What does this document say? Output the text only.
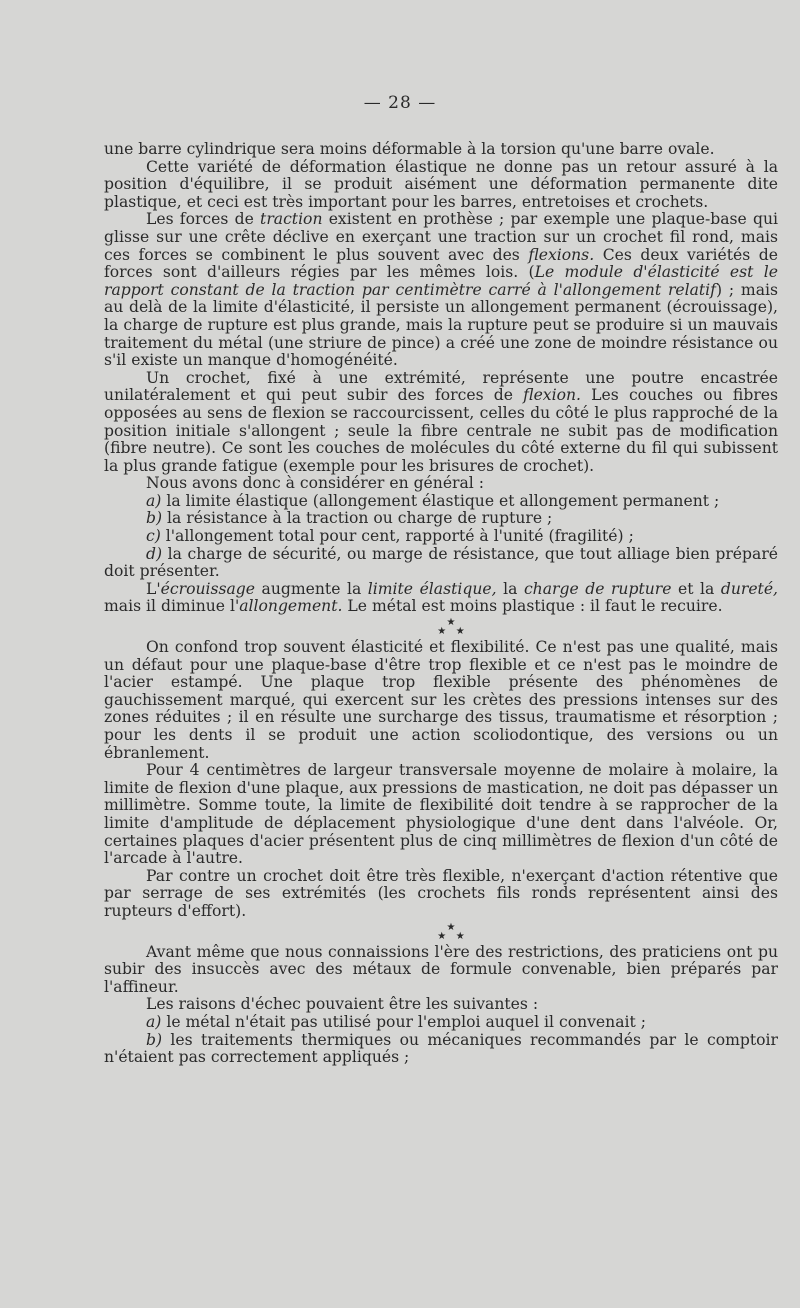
— 28 —

une barre cylindrique sera moins déformable à la torsion qu'une barre ovale.

Cette variété de déformation élastique ne donne pas un retour assuré à la position d'équilibre, il se produit aisément une déformation permanente dite plastique, et ceci est très important pour les barres, entretoises et crochets.

Les forces de traction existent en prothèse ; par exemple une plaque-base qui glisse sur une crête déclive en exerçant une traction sur un crochet fil rond, mais ces forces se combinent le plus souvent avec des flexions. Ces deux variétés de forces sont d'ailleurs régies par les mêmes lois. (Le module d'élasticité est le rapport constant de la traction par centimètre carré à l'allongement relatif) ; mais au delà de la limite d'élasticité, il persiste un allongement permanent (écrouissage), la charge de rupture est plus grande, mais la rupture peut se produire si un mauvais traitement du métal (une striure de pince) a créé une zone de moindre résistance ou s'il existe un manque d'homogénéité.

Un crochet, fixé à une extrémité, représente une poutre encastrée unilatéralement et qui peut subir des forces de flexion. Les couches ou fibres opposées au sens de flexion se raccourcissent, celles du côté le plus rapproché de la position initiale s'allongent ; seule la fibre centrale ne subit pas de modification (fibre neutre). Ce sont les couches de molécules du côté externe du fil qui subissent la plus grande fatigue (exemple pour les brisures de crochet).

Nous avons donc à considérer en général :

a) la limite élastique (allongement élastique et allongement permanent ;

b) la résistance à la traction ou charge de rupture ;

c) l'allongement total pour cent, rapporté à l'unité (fragilité) ;

d) la charge de sécurité, ou marge de résistance, que tout alliage bien préparé doit présenter.

L'écrouissage augmente la limite élastique, la charge de rupture et la dureté, mais il diminue l'allongement. Le métal est moins plastique : il faut le recuire.

★
★   ★

On confond trop souvent élasticité et flexibilité. Ce n'est pas une qualité, mais un défaut pour une plaque-base d'être trop flexible et ce n'est pas le moindre de l'acier estampé. Une plaque trop flexible présente des phénomènes de gauchissement marqué, qui exercent sur les crètes des pressions intenses sur des zones réduites ; il en résulte une surcharge des tissus, traumatisme et résorption ; pour les dents il se produit une action scoliodontique, des versions ou un ébranlement.

Pour 4 centimètres de largeur transversale moyenne de molaire à molaire, la limite de flexion d'une plaque, aux pressions de mastication, ne doit pas dépasser un millimètre. Somme toute, la limite de flexibilité doit tendre à se rapprocher de la limite d'amplitude de déplacement physiologique d'une dent dans l'alvéole. Or, certaines plaques d'acier présentent plus de cinq millimètres de flexion d'un côté de l'arcade à l'autre.

Par contre un crochet doit être très flexible, n'exerçant d'action rétentive que par serrage de ses extrémités (les crochets fils ronds représentent ainsi des rupteurs d'effort).

★
★   ★

Avant même que nous connaissions l'ère des restrictions, des praticiens ont pu subir des insuccès avec des métaux de formule convenable, bien préparés par l'affineur.

Les raisons d'échec pouvaient être les suivantes :

a) le métal n'était pas utilisé pour l'emploi auquel il convenait ;

b) les traitements thermiques ou mécaniques recommandés par le comptoir n'étaient pas correctement appliqués ;
